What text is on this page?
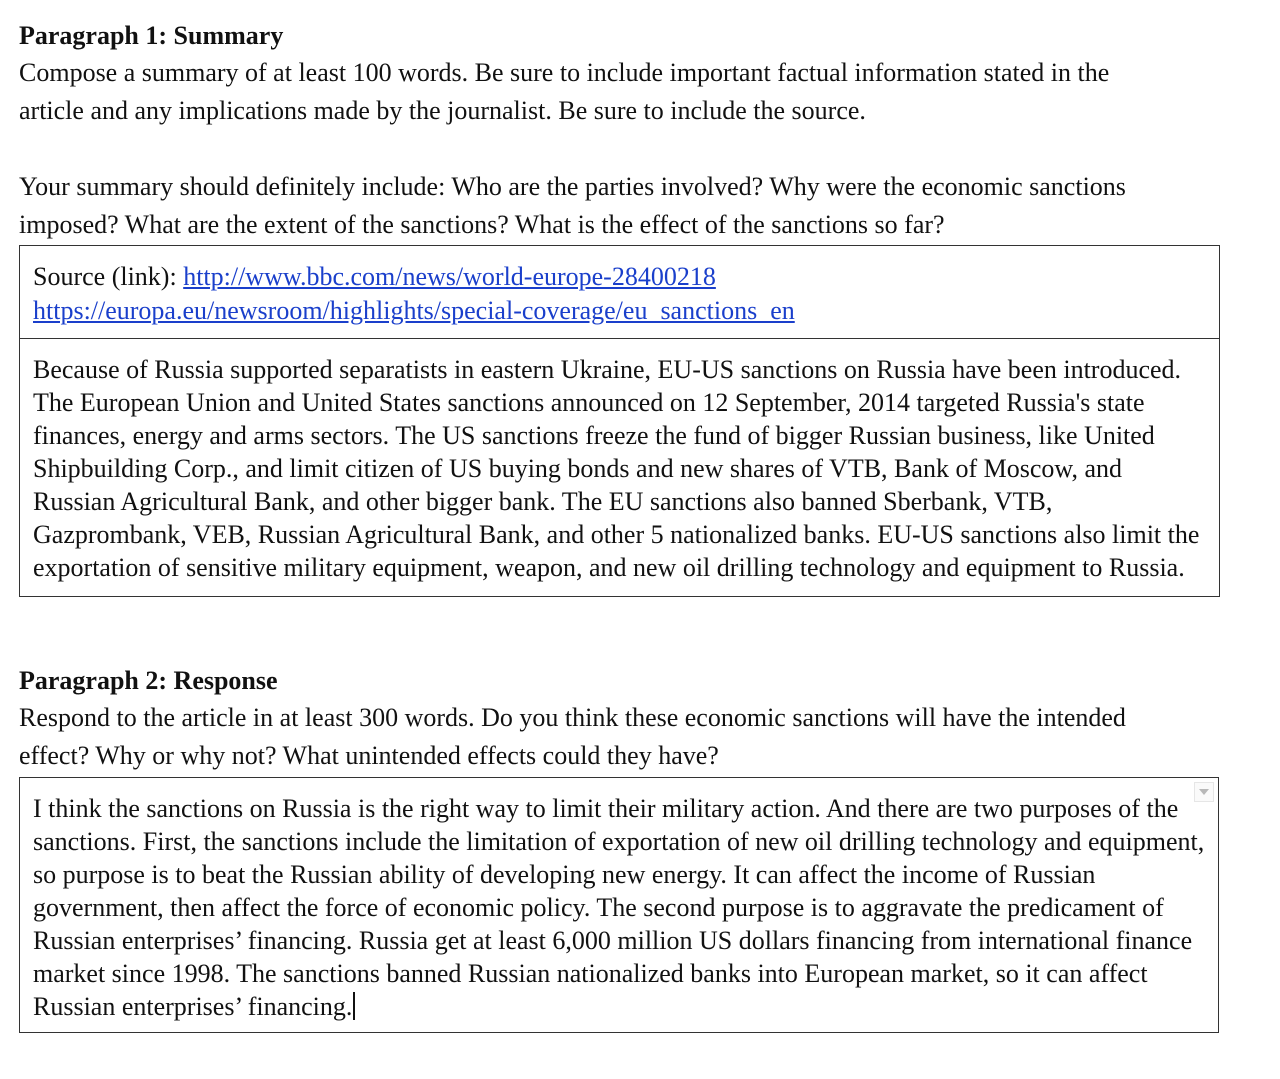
Paragraph 1: Summary

Compose a summary of at least 100 words. Be sure to include important factual information stated in the

article and any implications made by the journalist. Be sure to include the source.

Your summary should definitely include: Who are the parties involved? Why were the economic sanctions

imposed? What are the extent of the sanctions? What is the effect of the sanctions so far?

Source (link): http://www.bbc.com/news/world-europe-28400218
https://europa.eu/newsroom/highlights/special-coverage/eu_sanctions_en
Because of Russia supported separatists in eastern Ukraine, EU-US sanctions on Russia have been introduced. The European Union and United States sanctions announced on 12 September, 2014 targeted Russia's state finances, energy and arms sectors. The US sanctions freeze the fund of bigger Russian business, like United Shipbuilding Corp., and limit citizen of US buying bonds and new shares of VTB, Bank of Moscow, and Russian Agricultural Bank, and other bigger bank. The EU sanctions also banned Sberbank, VTB, Gazprombank, VEB, Russian Agricultural Bank, and other 5 nationalized banks. EU-US sanctions also limit the exportation of sensitive military equipment, weapon, and new oil drilling technology and equipment to Russia.

Paragraph 2: Response

Respond to the article in at least 300 words. Do you think these economic sanctions will have the intended

effect? Why or why not? What unintended effects could they have?

I think the sanctions on Russia is the right way to limit their military action. And there are two purposes of the sanctions. First, the sanctions include the limitation of exportation of new oil drilling technology and equipment, so purpose is to beat the Russian ability of developing new energy. It can affect the income of Russian government, then affect the force of economic policy. The second purpose is to aggravate the predicament of Russian enterprises’ financing. Russia get at least 6,000 million US dollars financing from international finance market since 1998. The sanctions banned Russian nationalized banks into European market, so it can affect Russian enterprises’ financing.
